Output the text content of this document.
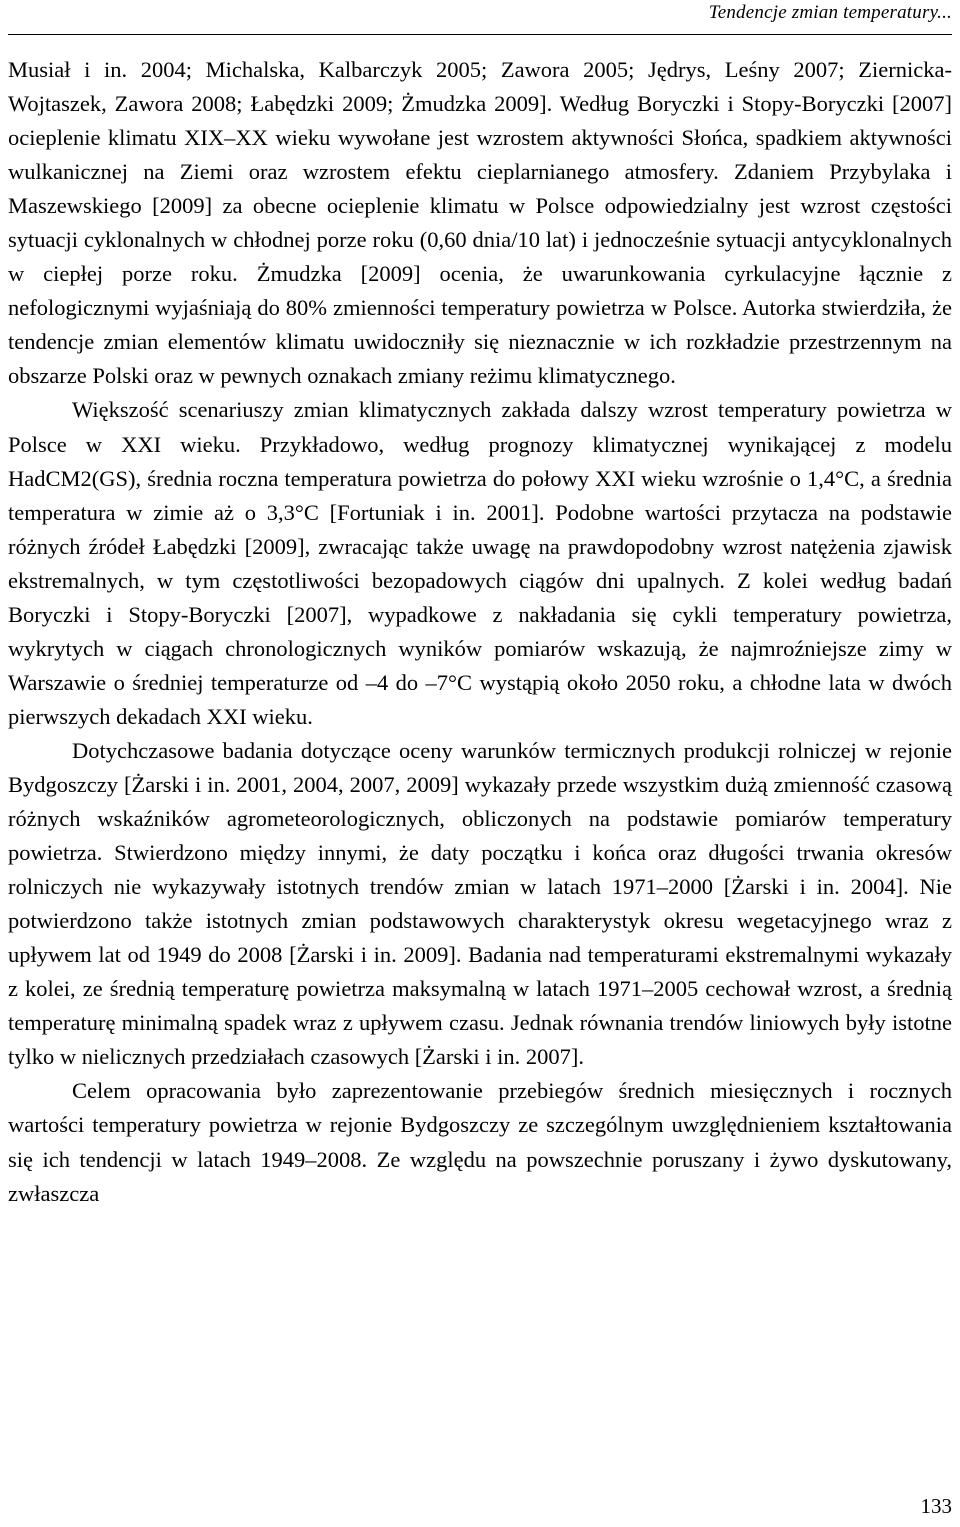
Tendencje zmian temperatury...

Musiał i in. 2004; Michalska, Kalbarczyk 2005; Zawora 2005; Jędrys, Leśny 2007; Ziernicka-Wojtaszek, Zawora 2008; Łabędzki 2009; Żmudzka 2009]. Według Boryczki i Stopy-Boryczki [2007] ocieplenie klimatu XIX–XX wieku wywołane jest wzrostem aktywności Słońca, spadkiem aktywności wulkanicznej na Ziemi oraz wzrostem efektu cieplarnianego atmosfery. Zdaniem Przybylaka i Maszewskiego [2009] za obecne ocieplenie klimatu w Polsce odpowiedzialny jest wzrost częstości sytuacji cyklonalnych w chłodnej porze roku (0,60 dnia/10 lat) i jednocześnie sytuacji antycyklonalnych w ciepłej porze roku. Żmudzka [2009] ocenia, że uwarunkowania cyrkulacyjne łącznie z nefologicznymi wyjaśniają do 80% zmienności temperatury powietrza w Polsce. Autorka stwierdziła, że tendencje zmian elementów klimatu uwidoczniły się nieznacznie w ich rozkładzie przestrzennym na obszarze Polski oraz w pewnych oznakach zmiany reżimu klimatycznego.

Większość scenariuszy zmian klimatycznych zakłada dalszy wzrost temperatury powietrza w Polsce w XXI wieku. Przykładowo, według prognozy klimatycznej wynikającej z modelu HadCM2(GS), średnia roczna temperatura powietrza do połowy XXI wieku wzrośnie o 1,4°C, a średnia temperatura w zimie aż o 3,3°C [Fortuniak i in. 2001]. Podobne wartości przytacza na podstawie różnych źródeł Łabędzki [2009], zwracając także uwagę na prawdopodobny wzrost natężenia zjawisk ekstremalnych, w tym częstotliwości bezopadowych ciągów dni upalnych. Z kolei według badań Boryczki i Stopy-Boryczki [2007], wypadkowe z nakładania się cykli temperatury powietrza, wykrytych w ciągach chronologicznych wyników pomiarów wskazują, że najmroźniejsze zimy w Warszawie o średniej temperaturze od –4 do –7°C wystąpią około 2050 roku, a chłodne lata w dwóch pierwszych dekadach XXI wieku.

Dotychczasowe badania dotyczące oceny warunków termicznych produkcji rolniczej w rejonie Bydgoszczy [Żarski i in. 2001, 2004, 2007, 2009] wykazały przede wszystkim dużą zmienność czasową różnych wskaźników agrometeorologicznych, obliczonych na podstawie pomiarów temperatury powietrza. Stwierdzono między innymi, że daty początku i końca oraz długości trwania okresów rolniczych nie wykazywały istotnych trendów zmian w latach 1971–2000 [Żarski i in. 2004]. Nie potwierdzono także istotnych zmian podstawowych charakterystyk okresu wegetacyjnego wraz z upływem lat od 1949 do 2008 [Żarski i in. 2009]. Badania nad temperaturami ekstremalnymi wykazały z kolei, ze średnią temperaturę powietrza maksymalną w latach 1971–2005 cechował wzrost, a średnią temperaturę minimalną spadek wraz z upływem czasu. Jednak równania trendów liniowych były istotne tylko w nielicznych przedziałach czasowych [Żarski i in. 2007].

Celem opracowania było zaprezentowanie przebiegów średnich miesięcznych i rocznych wartości temperatury powietrza w rejonie Bydgoszczy ze szczególnym uwzględnieniem kształtowania się ich tendencji w latach 1949–2008. Ze względu na powszechnie poruszany i żywo dyskutowany, zwłaszcza

133
